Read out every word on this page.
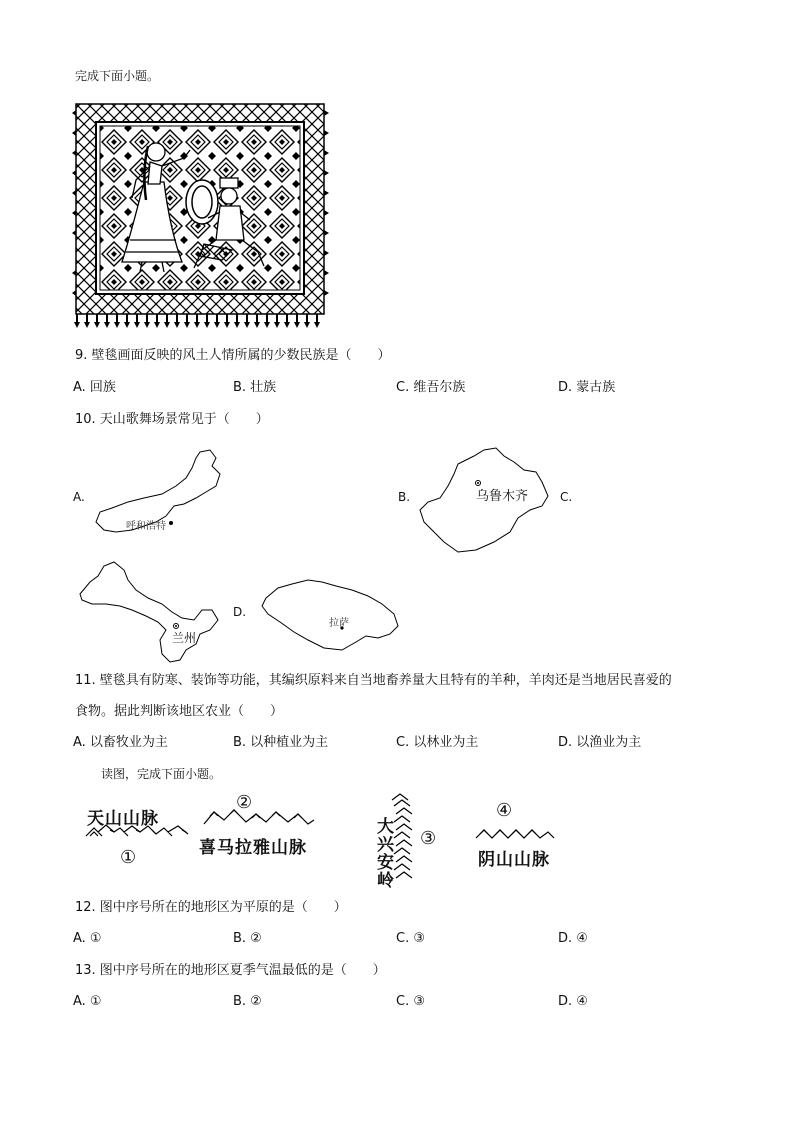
完成下面小题。
9. 壁毯画面反映的风土人情所属的少数民族是（　　）
A. 回族	B. 壮族	C. 维吾尔族	D. 蒙古族
10. 天山歌舞场景常见于（　　）
A.
呼和浩特
B.	乌鲁木齐	C.
兰州
D.
拉萨
11. 壁毯具有防寒、装饰等功能，其编织原料来自当地畜养量大且特有的羊种，羊肉还是当地居民喜爱的
食物。据此判断该地区农业（　　）
A. 以畜牧业为主	B. 以种植业为主	C. 以林业为主	D. 以渔业为主
读图，完成下面小题。
天山山脉
①
②
喜马拉雅山脉
大
兴
安
岭
③
④
阴山山脉
12. 图中序号所在的地形区为平原的是（　　）
A. ①	B. ②	C. ③	D. ④
13. 图中序号所在的地形区夏季气温最低的是（　　）
A. ①	B. ②	C. ③	D. ④
